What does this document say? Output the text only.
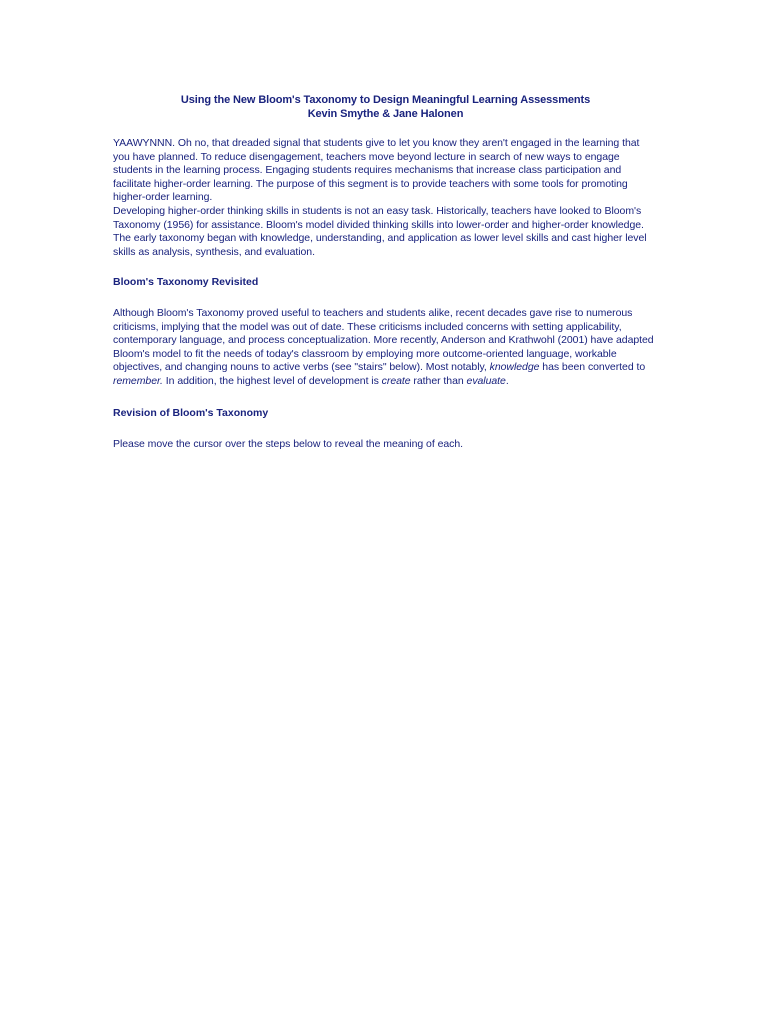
Using the New Bloom's Taxonomy to Design Meaningful Learning Assessments
Kevin Smythe & Jane Halonen

YAAWYNNN. Oh no, that dreaded signal that students give to let you know they aren't engaged in the learning that you have planned. To reduce disengagement, teachers move beyond lecture in search of new ways to engage students in the learning process. Engaging students requires mechanisms that increase class participation and facilitate higher-order learning. The purpose of this segment is to provide teachers with some tools for promoting higher-order learning.

Developing higher-order thinking skills in students is not an easy task. Historically, teachers have looked to Bloom's Taxonomy (1956) for assistance. Bloom's model divided thinking skills into lower-order and higher-order knowledge. The early taxonomy began with knowledge, understanding, and application as lower level skills and cast higher level skills as analysis, synthesis, and evaluation.

Bloom's Taxonomy Revisited

Although Bloom's Taxonomy proved useful to teachers and students alike, recent decades gave rise to numerous criticisms, implying that the model was out of date. These criticisms included concerns with setting applicability, contemporary language, and process conceptualization. More recently, Anderson and Krathwohl (2001) have adapted Bloom's model to fit the needs of today's classroom by employing more outcome-oriented language, workable objectives, and changing nouns to active verbs (see "stairs" below). Most notably, knowledge has been converted to remember. In addition, the highest level of development is create rather than evaluate.

Revision of Bloom's Taxonomy

Please move the cursor over the steps below to reveal the meaning of each.
